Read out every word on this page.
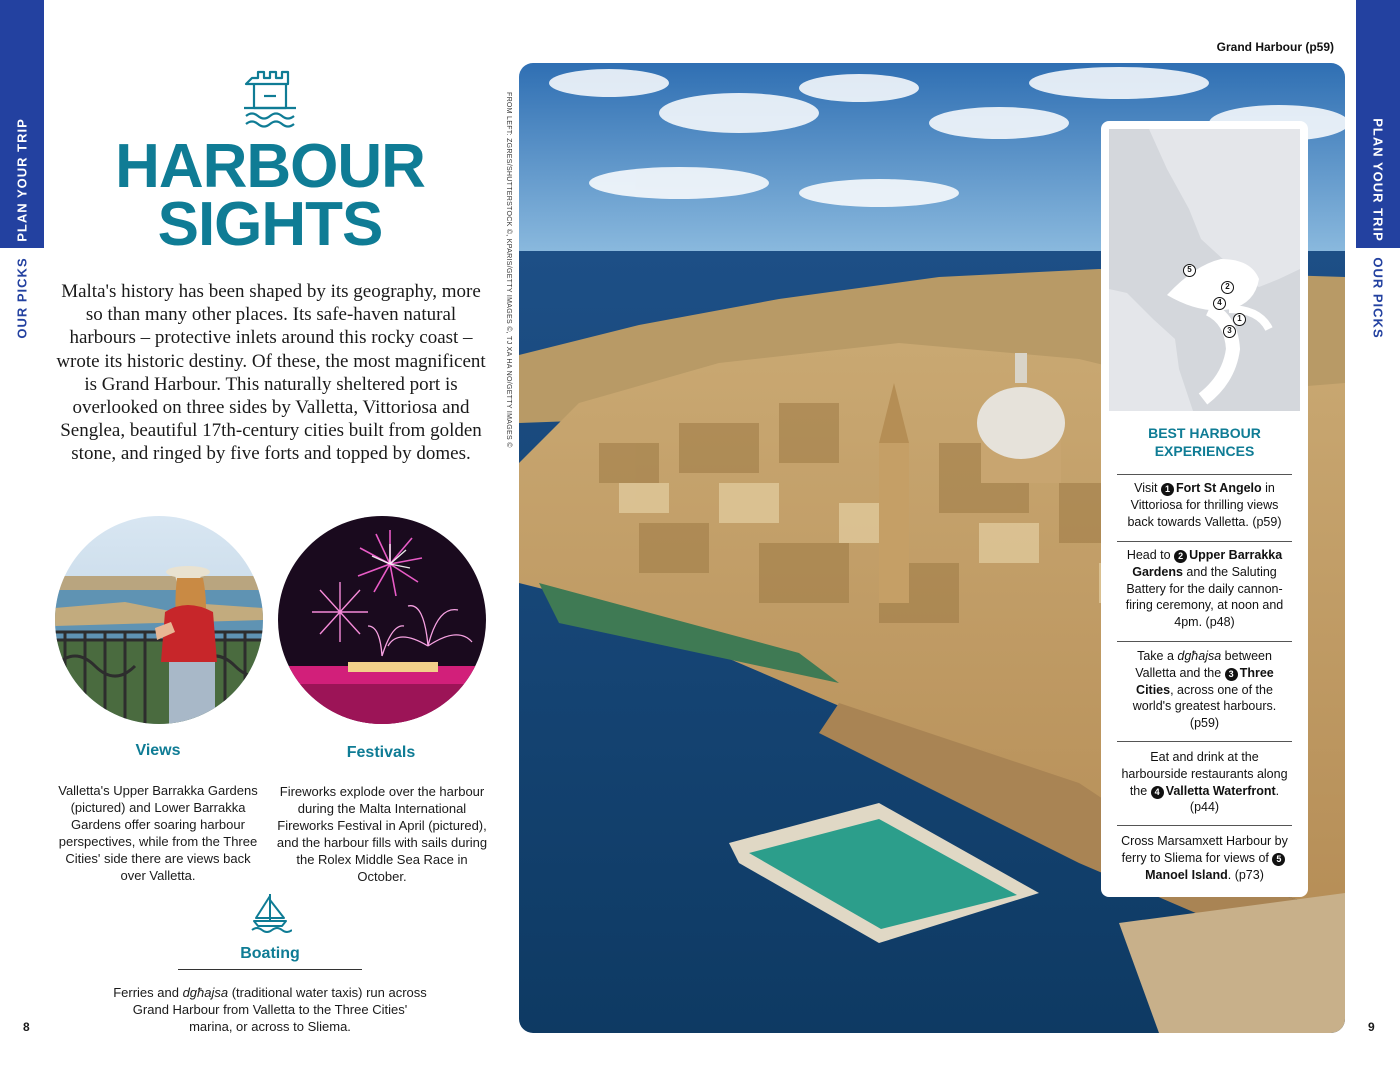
PLAN YOUR TRIP
OUR PICKS
PLAN YOUR TRIP
OUR PICKS
HARBOUR
SIGHTS
Malta's history has been shaped by its geography, more so than many other places. Its safe-haven natural harbours – protective inlets around this rocky coast – wrote its historic destiny. Of these, the most magnificent is Grand Harbour. This naturally sheltered port is overlooked on three sides by Valletta, Vittoriosa and Senglea, beautiful 17th-century cities built from golden stone, and ringed by five forts and topped by domes.
Views
Valletta's Upper Barrakka Gardens (pictured) and Lower Barrakka Gardens offer soaring harbour perspectives, while from the Three Cities' side there are views back over Valletta.
Festivals
Fireworks explode over the harbour during the Malta International Fireworks Festival in April (pictured), and the harbour fills with sails during the Rolex Middle Sea Race in October.
Boating
Ferries and dgħajsa (traditional water taxis) run across Grand Harbour from Valletta to the Three Cities' marina, or across to Sliema.
8	9
FROM LEFT: ZGRES/SHUTTERSTOCK ©, KPARIS/GETTY IMAGES ©, TJ XA HA NO/GETTY IMAGES ©
Grand Harbour (p59)
5
2
4
1
3
BEST HARBOUR
EXPERIENCES
Visit 1 Fort St Angelo in Vittoriosa for thrilling views back towards Valletta. (p59)
Head to 2 Upper Barrakka Gardens and the Saluting Battery for the daily cannon-firing ceremony, at noon and 4pm. (p48)
Take a dgħajsa between Valletta and the 3 Three Cities, across one of the world's greatest harbours. (p59)
Eat and drink at the harbourside restaurants along the 4 Valletta Waterfront. (p44)
Cross Marsamxett Harbour by ferry to Sliema for views of 5Manoel Island. (p73)
